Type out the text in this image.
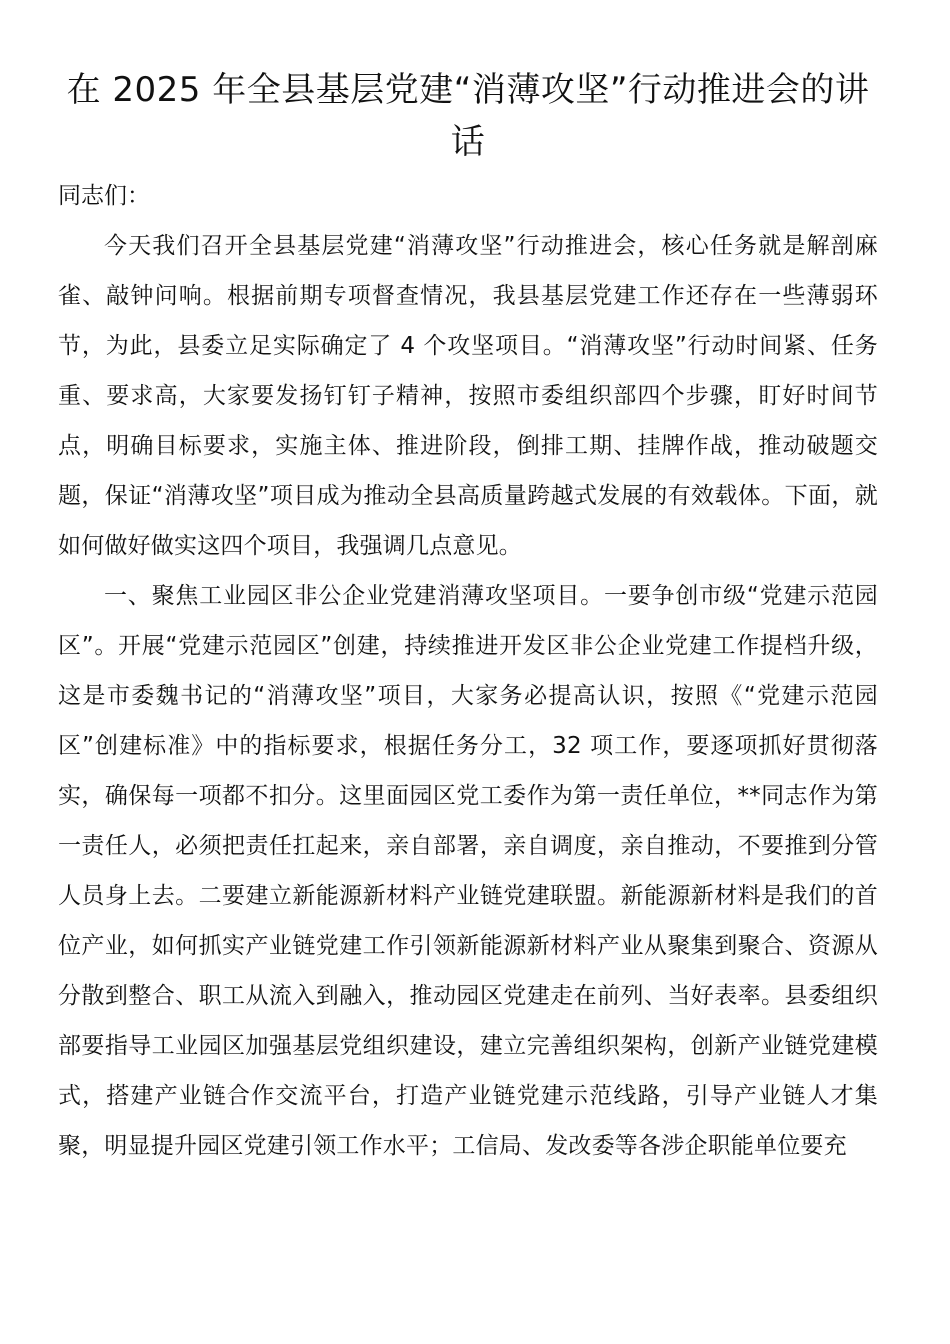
在 2025 年全县基层党建“消薄攻坚”行动推进会的讲话

同志们：

今天我们召开全县基层党建“消薄攻坚”行动推进会，核心任务就是解剖麻雀、敲钟问响。根据前期专项督查情况，我县基层党建工作还存在一些薄弱环节，为此，县委立足实际确定了 4 个攻坚项目。“消薄攻坚”行动时间紧、任务重、要求高，大家要发扬钉钉子精神，按照市委组织部四个步骤，盯好时间节点，明确目标要求，实施主体、推进阶段，倒排工期、挂牌作战，推动破题交题，保证“消薄攻坚”项目成为推动全县高质量跨越式发展的有效载体。下面，就如何做好做实这四个项目，我强调几点意见。

一、聚焦工业园区非公企业党建消薄攻坚项目。一要争创市级“党建示范园区”。开展“党建示范园区”创建，持续推进开发区非公企业党建工作提档升级，这是市委魏书记的“消薄攻坚”项目，大家务必提高认识，按照《“党建示范园区”创建标准》中的指标要求，根据任务分工，32 项工作，要逐项抓好贯彻落实，确保每一项都不扣分。这里面园区党工委作为第一责任单位，**同志作为第一责任人，必须把责任扛起来，亲自部署，亲自调度，亲自推动，不要推到分管人员身上去。二要建立新能源新材料产业链党建联盟。新能源新材料是我们的首位产业，如何抓实产业链党建工作引领新能源新材料产业从聚集到聚合、资源从分散到整合、职工从流入到融入，推动园区党建走在前列、当好表率。县委组织部要指导工业园区加强基层党组织建设，建立完善组织架构，创新产业链党建模式，搭建产业链合作交流平台，打造产业链党建示范线路，引导产业链人才集聚，明显提升园区党建引领工作水平；工信局、发改委等各涉企职能单位要充
